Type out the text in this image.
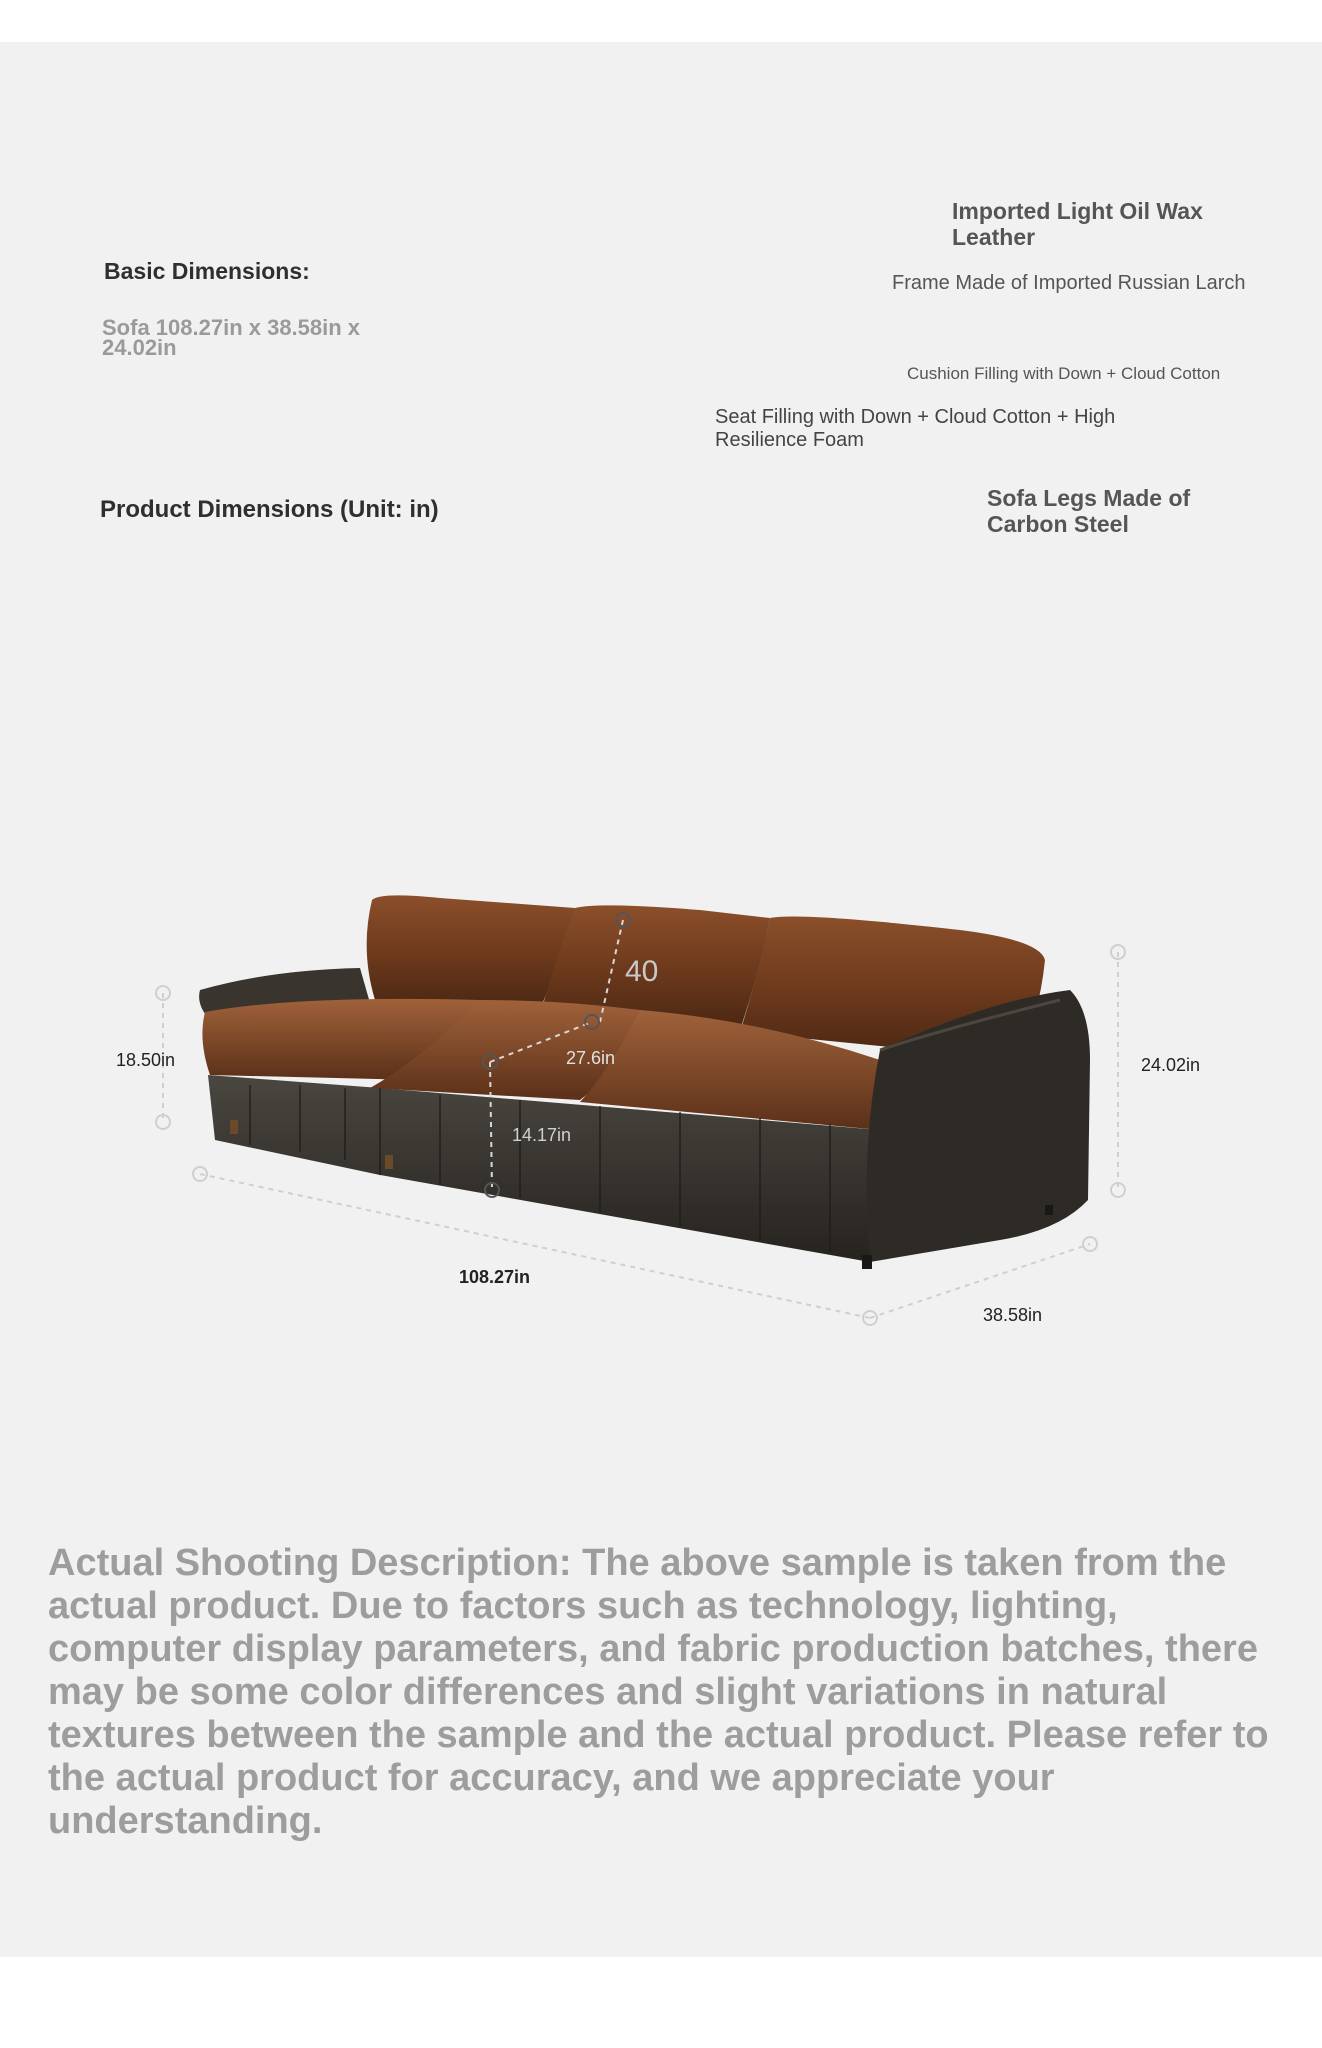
Basic Dimensions:

Sofa 108.27in x 38.58in x 24.02in

Product Dimensions (Unit: in)

Imported Light Oil Wax Leather

Frame Made of Imported Russian Larch

Cushion Filling with Down + Cloud Cotton

Seat Filling with Down + Cloud Cotton + High Resilience Foam

Sofa Legs Made of Carbon Steel

18.50in	24.02in
40
27.6in
14.17in
108.27in
38.58in

Actual Shooting Description: The above sample is taken from the actual product. Due to factors such as technology, lighting, computer display parameters, and fabric production batches, there may be some color differences and slight variations in natural textures between the sample and the actual product. Please refer to the actual product for accuracy, and we appreciate your understanding.
